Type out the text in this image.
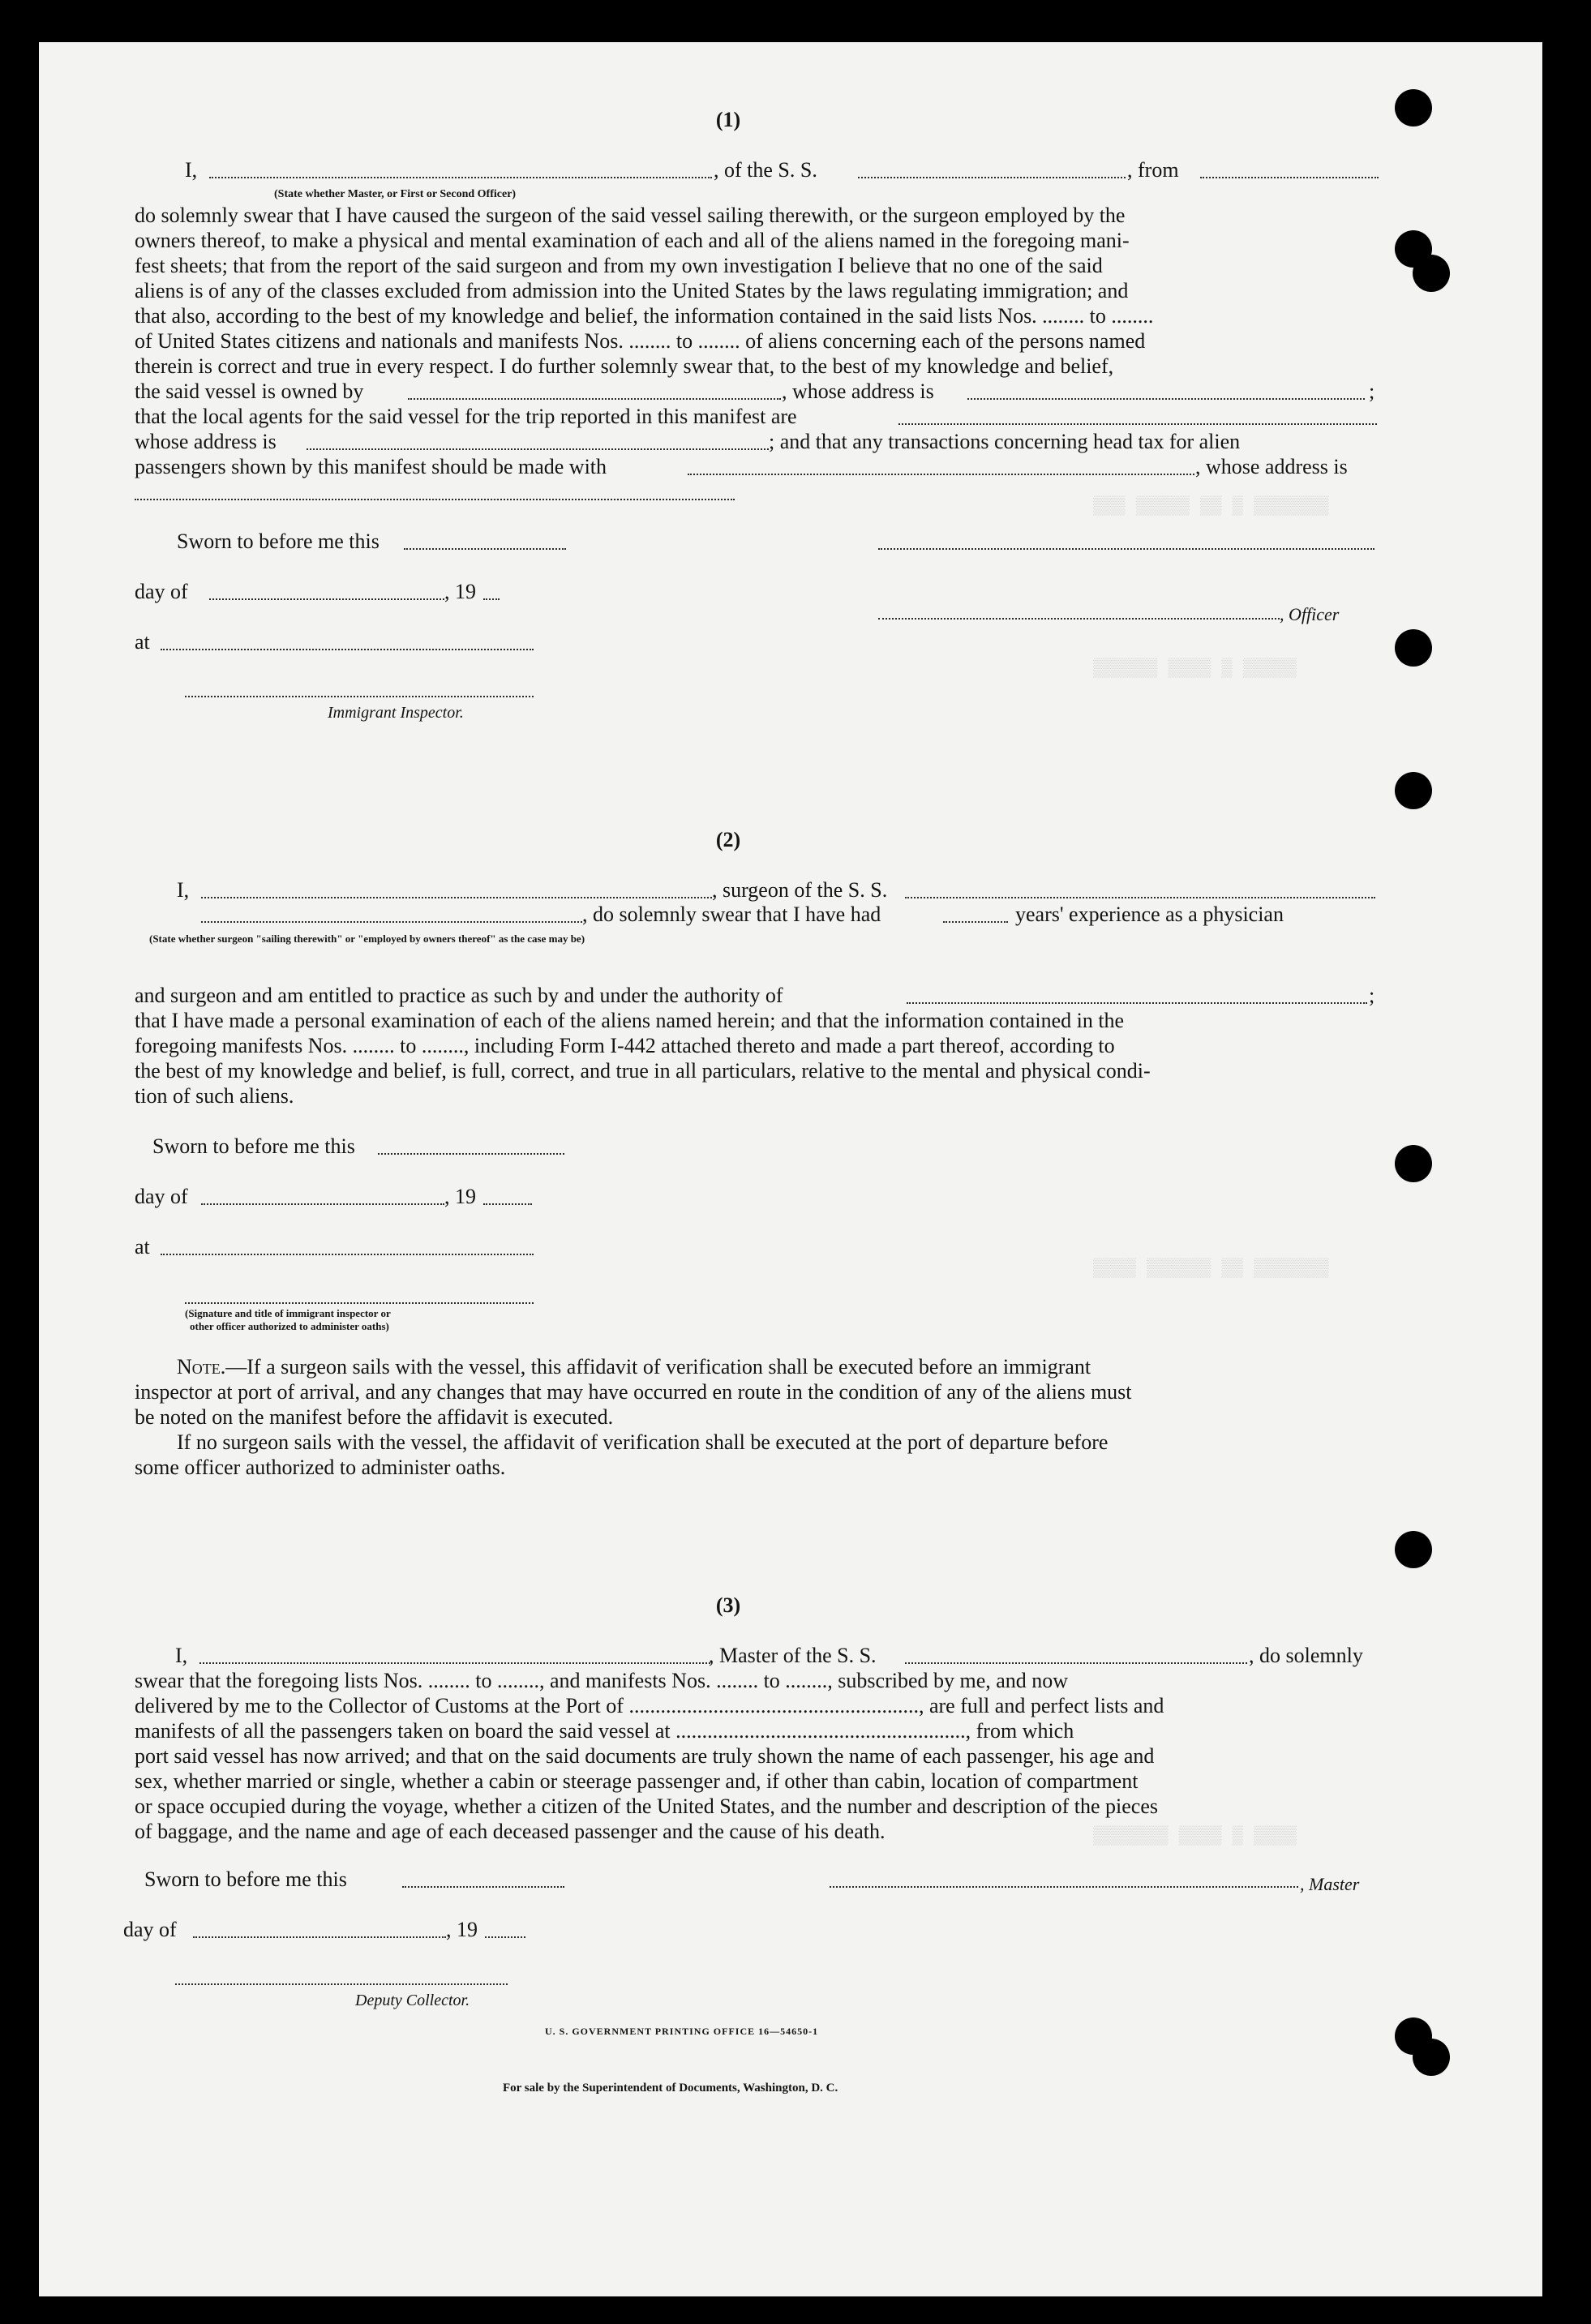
▒▒▒ ▒▒▒▒▒ ▒▒ ▒ ▒▒▒▒▒▒▒
▒▒▒▒▒▒ ▒▒▒▒ ▒ ▒▒▒▒▒
▒▒▒▒ ▒▒▒▒▒▒ ▒▒ ▒▒▒▒▒▒▒
▒▒▒▒▒▒▒ ▒▒▒▒ ▒ ▒▒▒▒
(1)
I,	, of the S. S.	, from
(State whether Master, or First or Second Officer)
do solemnly swear that I have caused the surgeon of the said vessel sailing therewith, or the surgeon employed by the
owners thereof, to make a physical and mental examination of each and all of the aliens named in the foregoing mani-
fest sheets; that from the report of the said surgeon and from my own investigation I believe that no one of the said
aliens is of any of the classes excluded from admission into the United States by the laws regulating immigration; and
that also, according to the best of my knowledge and belief, the information contained in the said lists Nos. ........ to ........
of United States citizens and nationals and manifests Nos. ........ to ........ of aliens concerning each of the persons named
therein is correct and true in every respect. I do further solemnly swear that, to the best of my knowledge and belief,
the said vessel is owned by	, whose address is	;
that the local agents for the said vessel for the trip reported in this manifest are
whose address is	; and that any transactions concerning head tax for alien
passengers shown by this manifest should be made with	, whose address is
Sworn to before me this
day of	, 19
, Officer
at
Immigrant Inspector.
(2)
I,	, surgeon of the S. S.
, do solemnly swear that I have had	years' experience as a physician
(State whether surgeon "sailing therewith" or "employed by owners thereof" as the case may be)
and surgeon and am entitled to practice as such by and under the authority of	;
that I have made a personal examination of each of the aliens named herein; and that the information contained in the
foregoing manifests Nos. ........ to ........, including Form I-442 attached thereto and made a part thereof, according to
the best of my knowledge and belief, is full, correct, and true in all particulars, relative to the mental and physical condi-
tion of such aliens.
Sworn to before me this
day of	, 19
at
(Signature and title of immigrant inspector or
other officer authorized to administer oaths)
Note.—If a surgeon sails with the vessel, this affidavit of verification shall be executed before an immigrant
inspector at port of arrival, and any changes that may have occurred en route in the condition of any of the aliens must
be noted on the manifest before the affidavit is executed.
If no surgeon sails with the vessel, the affidavit of verification shall be executed at the port of departure before
some officer authorized to administer oaths.
(3)
I,	, Master of the S. S.	, do solemnly
swear that the foregoing lists Nos. ........ to ........, and manifests Nos. ........ to ........, subscribed by me, and now
delivered by me to the Collector of Customs at the Port of ......................................................., are full and perfect lists and
manifests of all the passengers taken on board the said vessel at ......................................................., from which
port said vessel has now arrived; and that on the said documents are truly shown the name of each passenger, his age and
sex, whether married or single, whether a cabin or steerage passenger and, if other than cabin, location of compartment
or space occupied during the voyage, whether a citizen of the United States, and the number and description of the pieces
of baggage, and the name and age of each deceased passenger and the cause of his death.
Sworn to before me this	, Master
day of	, 19
Deputy Collector.
U. S. GOVERNMENT PRINTING OFFICE 16—54650-1
For sale by the Superintendent of Documents, Washington, D. C.
